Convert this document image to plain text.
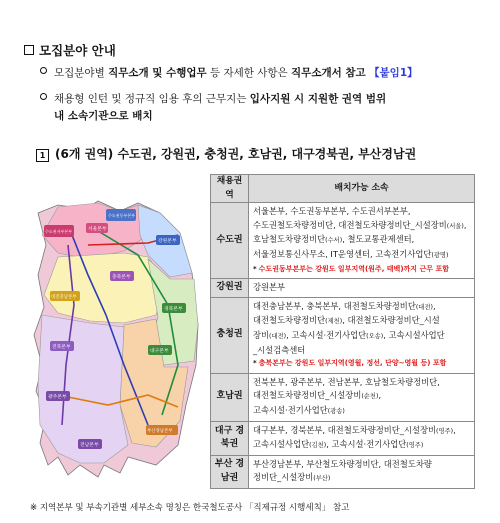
모집분야 안내
모집분야별 직무소개 및 수행업무 등 자세한 사항은 직무소개서 참고 【붙임1】
채용형 인턴 및 정규직 임용 후의 근무지는 입사지원 시 지원한 권역 범위
내 소속기관으로 배치
1 (6개 권역) 수도권, 강원권, 충청권, 호남권, 대구경북권, 부산경남권
수도권동부본부
서울본부
수도권서부본부
강원본부
충북본부
대전충남본부
경북본부
대구본부
전북본부
부산경남본부
광주본부
전남본부
채용권역	배치가능 소속
수도권	서울본부, 수도권동부본부, 수도권서부본부,
수도권철도차량정비단, 대전철도차량정비단_시설장비(서울),
호남철도차량정비단(수서), 철도교통관제센터,
서울정보통신사무소, IT운영센터, 고속전기사업단(광명)
* 수도권동부본부는 강원도 일부지역(원주, 태백)까지 근무 포함

강원권	강원본부

충청권	대전충남본부, 충북본부, 대전철도차량정비단(대전),
대전철도차량정비단(제천), 대전철도차량정비단_시설
장비(대전), 고속시설·전기사업단(오송), 고속시설사업단
_시설검측센터
* 충북본부는 강원도 일부지역(영월, 정선, 단양~영월 등) 포함

호남권	전북본부, 광주본부, 전남본부, 호남철도차량정비단,
대전철도차량정비단_시설장비(순천),
고속시설·전기사업단(광송)

대구 경북권	대구본부, 경북본부, 대전철도차량정비단_시설장비(영주),
고속시설사업단(김천), 고속시설·전기사업단(영주)

부산 경남권	부산경남본부, 부산철도차량정비단, 대전철도차량
정비단_시설장비(부산)
※ 지역본부 및 부속기관별 세부소속 명칭은 한국철도공사 「직제규정 시행세칙」 참고
